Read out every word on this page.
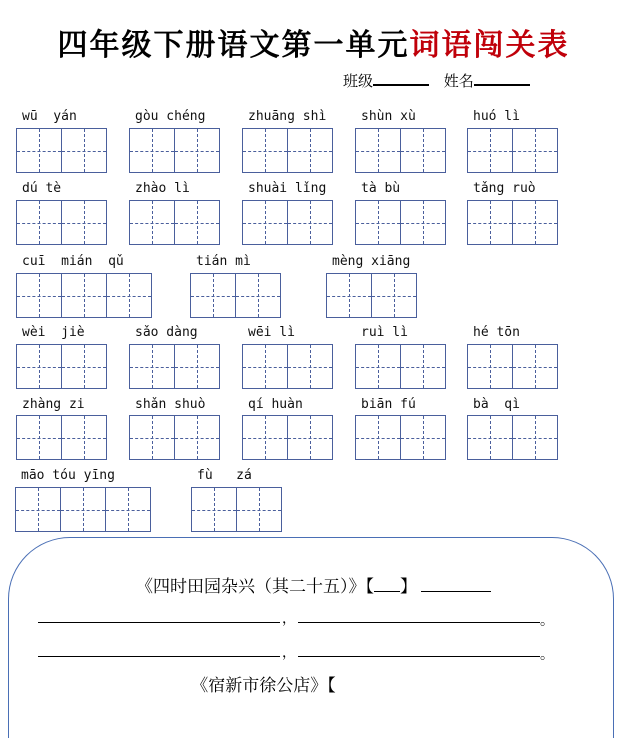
四年级下册语文第一单元词语闯关表
班级	姓名
wū  yán	gòu chéng	zhuāng shì	shùn xù	huó lì
dú tè	zhào lì	shuài lǐng	tà bù	tǎng ruò
cuī  mián  qǔ	tián mì	mèng xiāng
wèi  jiè	sǎo dàng	wēi lì	ruì lì	hé tōn
zhàng zi	shǎn shuò	qí huàn	biān fú	bà  qì
māo tóu yīng	fù   zá
《四时田园杂兴（其二十五）》【 】
，	。
，	。
《宿新市徐公店》【
